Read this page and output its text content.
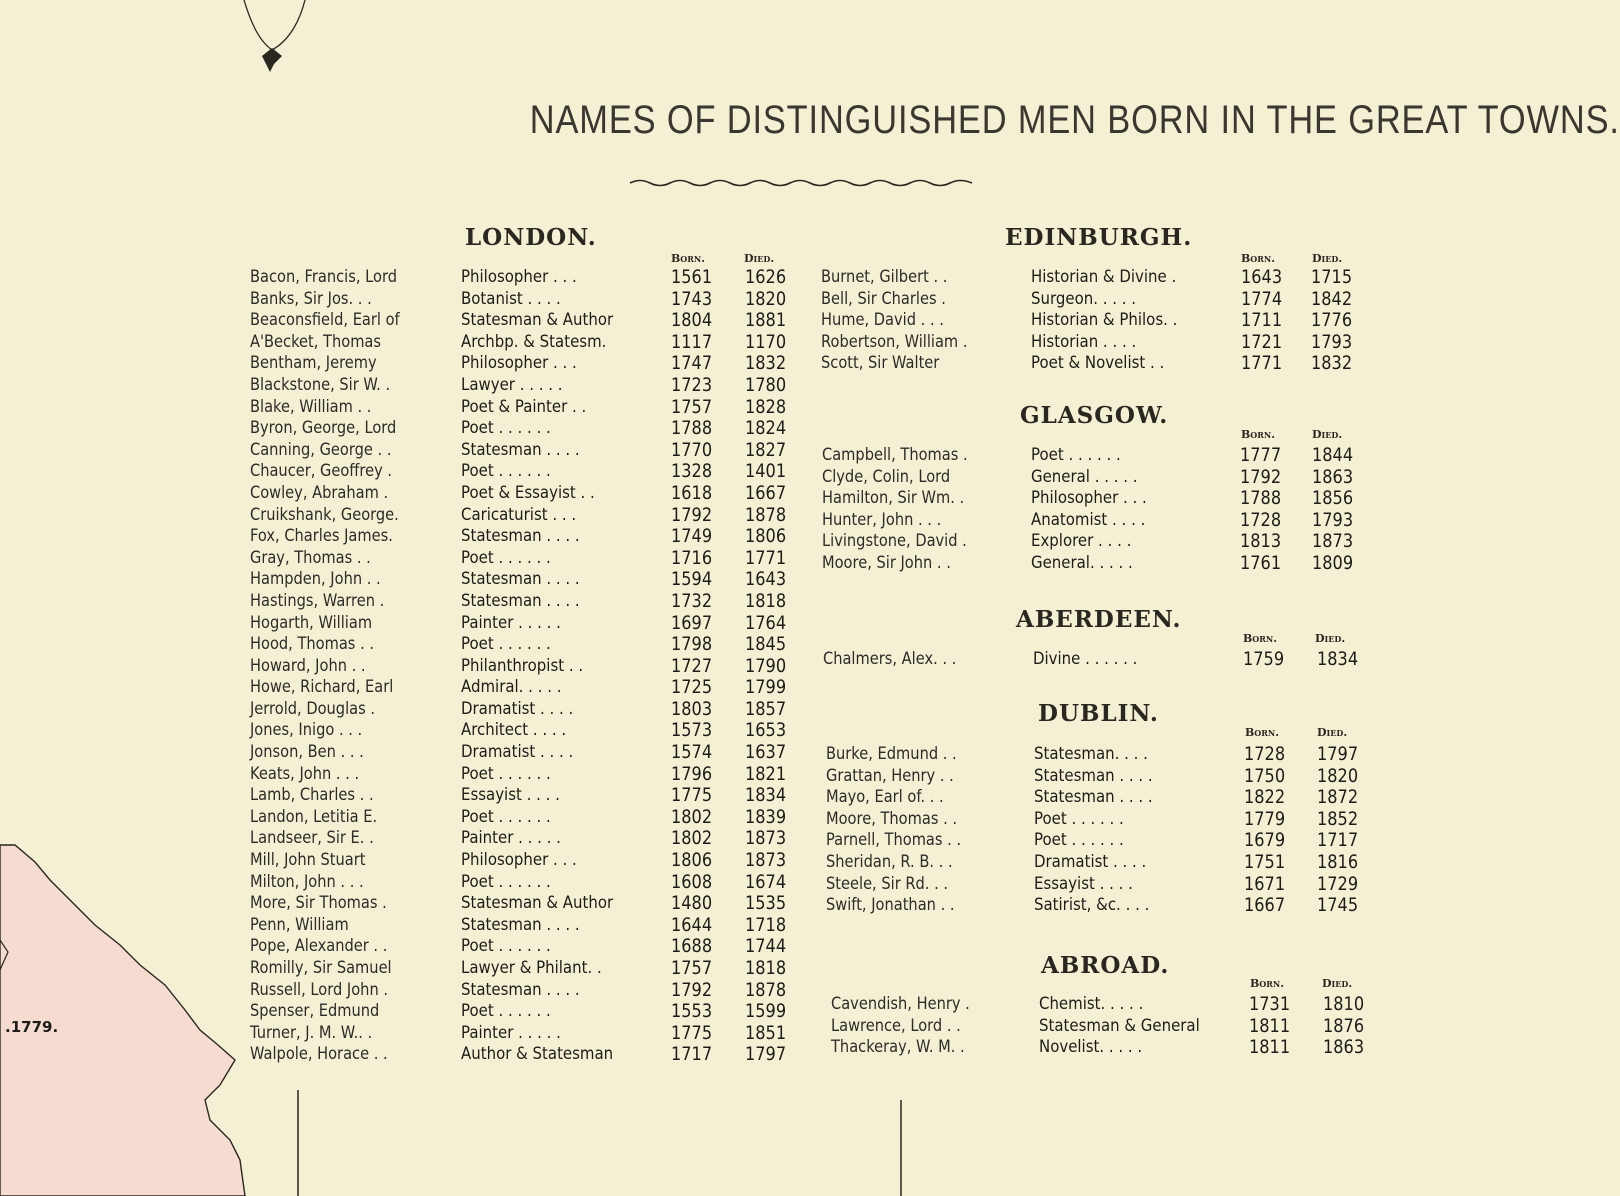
NAMES OF DISTINGUISHED MEN BORN IN THE GREAT TOWNS.
LONDON.
Born.	Died.
Bacon, Francis, Lord	Philosopher . . .	1561 1626
Banks, Sir Jos. . .	Botanist . . . .	1743 1820
Beaconsfield, Earl of	Statesman & Author	1804 1881
A'Becket, Thomas	Archbp. & Statesm.	1117 1170
Bentham, Jeremy	Philosopher . . .	1747 1832
Blackstone, Sir W. .	Lawyer . . . . .	1723 1780
Blake, William . .	Poet & Painter . .	1757 1828
Byron, George, Lord	Poet . . . . . .	1788 1824
Canning, George . .	Statesman . . . .	1770 1827
Chaucer, Geoffrey .	Poet . . . . . .	1328 1401
Cowley, Abraham .	Poet & Essayist . .	1618 1667
Cruikshank, George.	Caricaturist . . .	1792 1878
Fox, Charles James.	Statesman . . . .	1749 1806
Gray, Thomas . .	Poet . . . . . .	1716 1771
Hampden, John . .	Statesman . . . .	1594 1643
Hastings, Warren .	Statesman . . . .	1732 1818
Hogarth, William	Painter . . . . .	1697 1764
Hood, Thomas . .	Poet . . . . . .	1798 1845
Howard, John . .	Philanthropist . .	1727 1790
Howe, Richard, Earl	Admiral. . . . .	1725 1799
Jerrold, Douglas .	Dramatist . . . .	1803 1857
Jones, Inigo . . .	Architect . . . .	1573 1653
Jonson, Ben . . .	Dramatist . . . .	1574 1637
Keats, John . . .	Poet . . . . . .	1796 1821
Lamb, Charles . .	Essayist . . . .	1775 1834
Landon, Letitia E.	Poet . . . . . .	1802 1839
Landseer, Sir E. .	Painter . . . . .	1802 1873
Mill, John Stuart	Philosopher . . .	1806 1873
Milton, John . . .	Poet . . . . . .	1608 1674
More, Sir Thomas .	Statesman & Author	1480 1535
Penn, William	Statesman . . . .	1644 1718
Pope, Alexander . .	Poet . . . . . .	1688 1744
Romilly, Sir Samuel	Lawyer & Philant. .	1757 1818
Russell, Lord John .	Statesman . . . .	1792 1878
Spenser, Edmund	Poet . . . . . .	1553 1599
Turner, J. M. W.. .	Painter . . . . .	1775 1851
Walpole, Horace . .	Author & Statesman	1717 1797
EDINBURGH.
Born.	Died.
Burnet, Gilbert . .	Historian & Divine .	1643 1715
Bell, Sir Charles .	Surgeon. . . . .	1774 1842
Hume, David . . .	Historian & Philos. .	1711 1776
Robertson, William .	Historian . . . .	1721 1793
Scott, Sir Walter	Poet & Novelist . .	1771 1832
GLASGOW.
Born.	Died.
Campbell, Thomas .	Poet . . . . . .	1777 1844
Clyde, Colin, Lord	General . . . . .	1792 1863
Hamilton, Sir Wm. .	Philosopher . . .	1788 1856
Hunter, John . . .	Anatomist . . . .	1728 1793
Livingstone, David .	Explorer . . . .	1813 1873
Moore, Sir John . .	General. . . . .	1761 1809
ABERDEEN.
Born.	Died.
Chalmers, Alex. . .	Divine . . . . . .	1759 1834
DUBLIN.
Born.	Died.
Burke, Edmund . .	Statesman. . . .	1728 1797
Grattan, Henry . .	Statesman . . . .	1750 1820
Mayo, Earl of. . .	Statesman . . . .	1822 1872
Moore, Thomas . .	Poet . . . . . .	1779 1852
Parnell, Thomas . .	Poet . . . . . .	1679 1717
Sheridan, R. B. . .	Dramatist . . . .	1751 1816
Steele, Sir Rd. . .	Essayist . . . .	1671 1729
Swift, Jonathan . .	Satirist, &c. . . .	1667 1745
ABROAD.
Born.	Died.
Cavendish, Henry .	Chemist. . . . .	1731 1810
Lawrence, Lord . .	Statesman & General	1811 1876
Thackeray, W. M. .	Novelist. . . . .	1811 1863
.1779.
